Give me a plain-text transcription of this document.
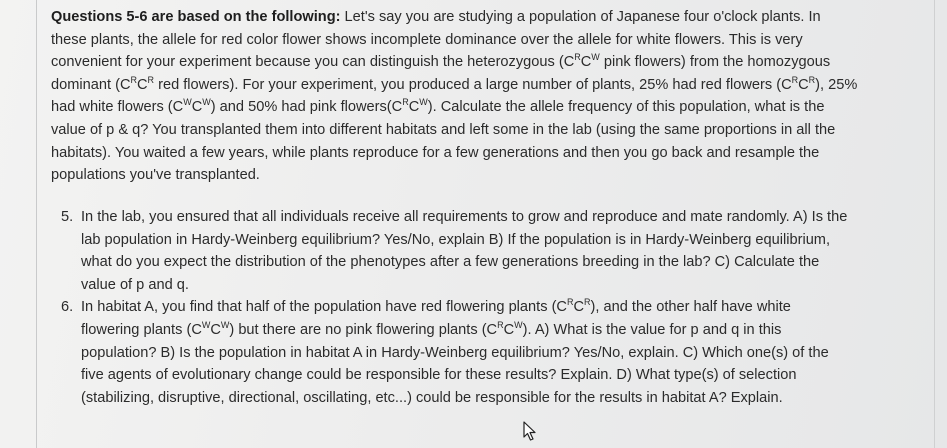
Questions 5-6 are based on the following: Let's say you are studying a population of Japanese four o'clock plants. In these plants, the allele for red color flower shows incomplete dominance over the allele for white flowers. This is very convenient for your experiment because you can distinguish the heterozygous ($C^RC^W$ pink flowers) from the homozygous dominant ($C^RC^R$ red flowers). For your experiment, you produced a large number of plants, 25% had red flowers $(C^RC^R)$, 25% had white flowers $(C^WC^W)$ and 50% had pink $flowers(C^RC^W)$. Calculate the allele frequency of this population, what is the value of p & q? You transplanted them into different habitats and left some in the lab (using the same proportions in all the habitats). You waited a few years, while plants reproduce for a few generations and then you go back and resample the populations you've transplanted.

5. In the lab, you ensured that all individuals receive all requirements to grow and reproduce and mate randomly. A) Is the lab population in Hardy-Weinberg equilibrium? Yes/No, explain B) If the population is in Hardy-Weinberg equilibrium, what do you expect the distribution of the phenotypes after a few generations breeding in the lab? C) Calculate the value of p and q.
6. In habitat A, you find that half of the population have red flowering plants $(C^RC^R)$, and the other half have white flowering plants $(C^WC^W)$ but there are no pink flowering plants $(C^RC^W)$. A) What is the value for p and q in this population? B) Is the population in habitat A in Hardy-Weinberg equilibrium? Yes/No, explain. C) Which one(s) of the five agents of evolutionary change could be responsible for these results? Explain. D) What type(s) of selection (stabilizing, disruptive, directional, oscillating, etc...) could be responsible for the results in habitat A? Explain.
